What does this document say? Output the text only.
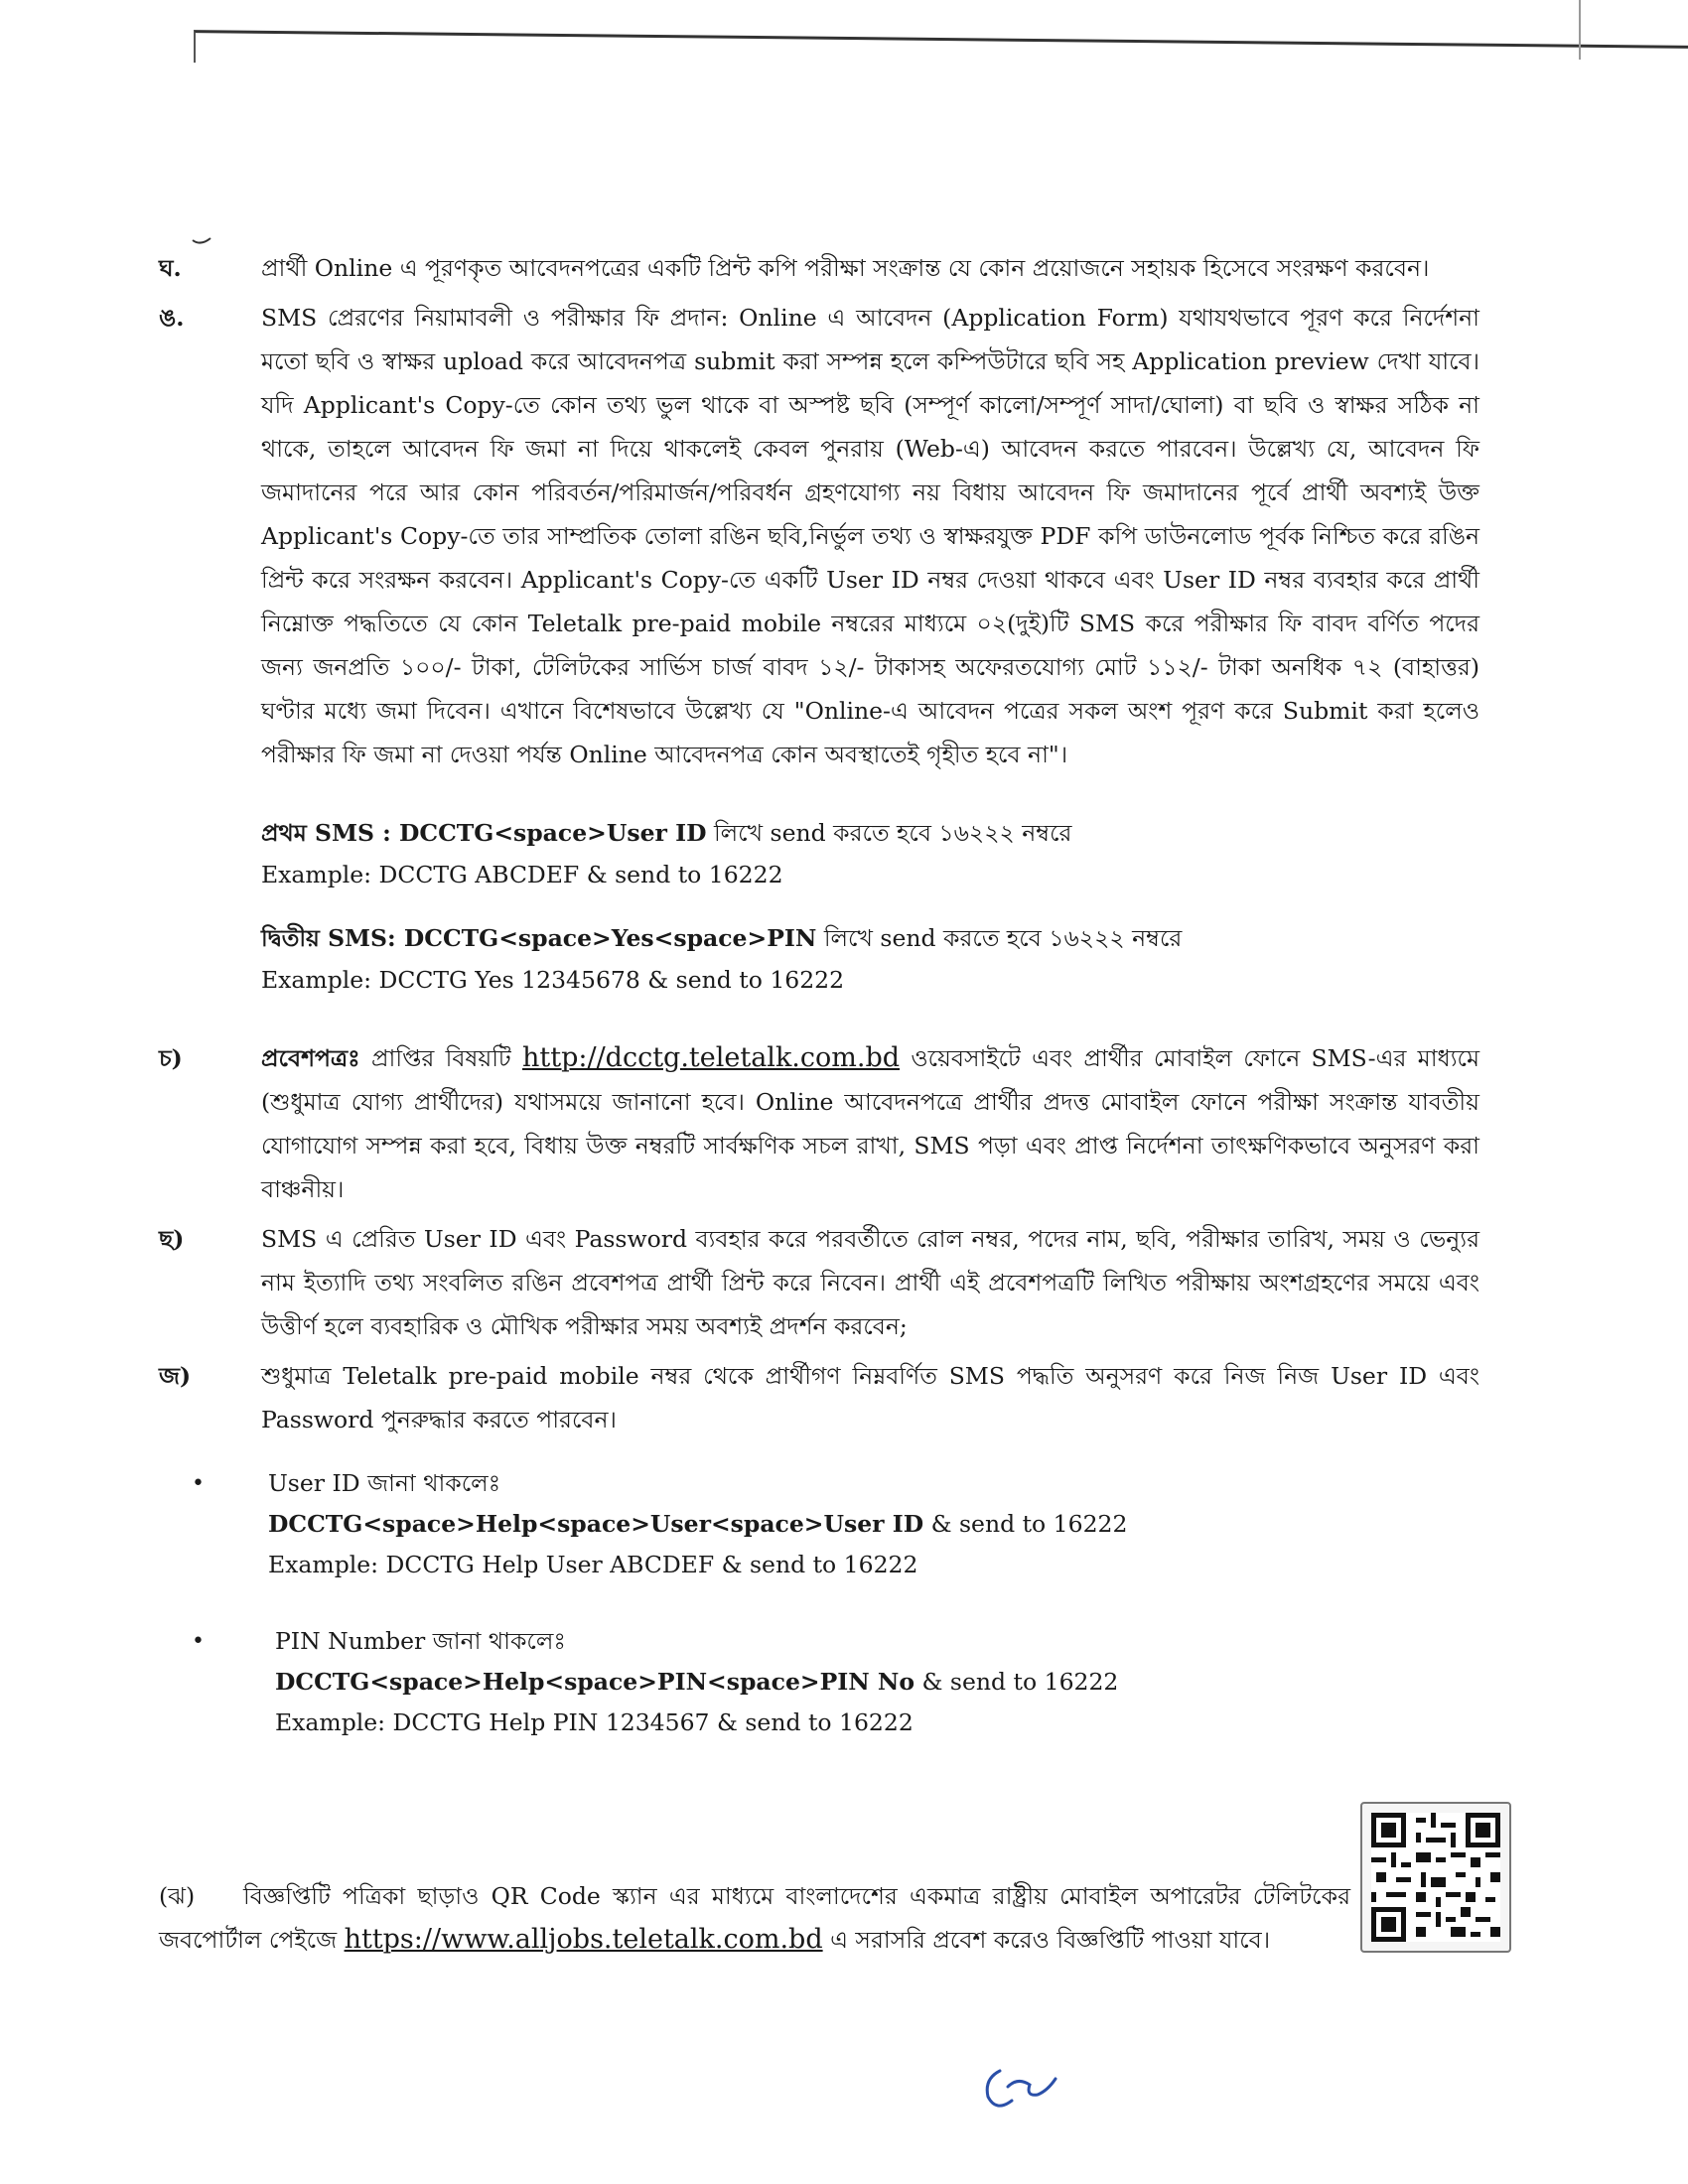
ঘ.	প্রার্থী Online এ পূরণকৃত আবেদনপত্রের একটি প্রিন্ট কপি পরীক্ষা সংক্রান্ত যে কোন প্রয়োজনে সহায়ক হিসেবে সংরক্ষণ করবেন।
ঙ.	SMS প্রেরণের নিয়ামাবলী ও পরীক্ষার ফি প্রদান: Online এ আবেদন (Application Form) যথাযথভাবে পূরণ করে নির্দেশনা মতো ছবি ও স্বাক্ষর upload করে আবেদনপত্র submit করা সম্পন্ন হলে কম্পিউটারে ছবি সহ Application preview দেখা যাবে। যদি Applicant's Copy-তে কোন তথ্য ভুল থাকে বা অস্পষ্ট ছবি (সম্পূর্ণ কালো/সম্পূর্ণ সাদা/ঘোলা) বা ছবি ও স্বাক্ষর সঠিক না থাকে, তাহলে আবেদন ফি জমা না দিয়ে থাকলেই কেবল পুনরায় (Web-এ) আবেদন করতে পারবেন। উল্লেখ্য যে, আবেদন ফি জমাদানের পরে আর কোন পরিবর্তন/পরিমার্জন/পরিবর্ধন গ্রহণযোগ্য নয় বিধায় আবেদন ফি জমাদানের পূর্বে প্রার্থী অবশ্যই উক্ত Applicant's Copy-তে তার সাম্প্রতিক তোলা রঙিন ছবি,নির্ভুল তথ্য ও স্বাক্ষরযুক্ত PDF কপি ডাউনলোড পূর্বক নিশ্চিত করে রঙিন প্রিন্ট করে সংরক্ষন করবেন। Applicant's Copy-তে একটি User ID নম্বর দেওয়া থাকবে এবং User ID নম্বর ব্যবহার করে প্রার্থী নিম্নোক্ত পদ্ধতিতে যে কোন Teletalk pre-paid mobile নম্বরের মাধ্যমে ০২(দুই)টি SMS করে পরীক্ষার ফি বাবদ বর্ণিত পদের জন্য জনপ্রতি ১০০/- টাকা, টেলিটকের সার্ভিস চার্জ বাবদ ১২/- টাকাসহ অফেরতযোগ্য মোট ১১২/- টাকা অনধিক ৭২ (বাহাত্তর) ঘণ্টার মধ্যে জমা দিবেন। এখানে বিশেষভাবে উল্লেখ্য যে "Online-এ আবেদন পত্রের সকল অংশ পূরণ করে Submit করা হলেও পরীক্ষার ফি জমা না দেওয়া পর্যন্ত Online আবেদনপত্র কোন অবস্থাতেই গৃহীত হবে না"।
প্রথম SMS : DCCTG<space>User ID লিখে send করতে হবে ১৬২২২ নম্বরে
Example: DCCTG ABCDEF & send to 16222
দ্বিতীয় SMS: DCCTG<space>Yes<space>PIN লিখে send করতে হবে ১৬২২২ নম্বরে
Example: DCCTG Yes 12345678 & send to 16222
চ)	প্রবেশপত্রঃ প্রাপ্তির বিষয়টি http://dcctg.teletalk.com.bd ওয়েবসাইটে এবং প্রার্থীর মোবাইল ফোনে SMS-এর মাধ্যমে (শুধুমাত্র যোগ্য প্রার্থীদের) যথাসময়ে জানানো হবে। Online আবেদনপত্রে প্রার্থীর প্রদত্ত মোবাইল ফোনে পরীক্ষা সংক্রান্ত যাবতীয় যোগাযোগ সম্পন্ন করা হবে, বিধায় উক্ত নম্বরটি সার্বক্ষণিক সচল রাখা, SMS পড়া এবং প্রাপ্ত নির্দেশনা তাৎক্ষণিকভাবে অনুসরণ করা বাঞ্চনীয়।
ছ)	SMS এ প্রেরিত User ID এবং Password ব্যবহার করে পরবর্তীতে রোল নম্বর, পদের নাম, ছবি, পরীক্ষার তারিখ, সময় ও ভেন্যুর নাম ইত্যাদি তথ্য সংবলিত রঙিন প্রবেশপত্র প্রার্থী প্রিন্ট করে নিবেন। প্রার্থী এই প্রবেশপত্রটি লিখিত পরীক্ষায় অংশগ্রহণের সময়ে এবং উত্তীর্ণ হলে ব্যবহারিক ও মৌখিক পরীক্ষার সময় অবশ্যই প্রদর্শন করবেন;
জ)	শুধুমাত্র Teletalk pre-paid mobile নম্বর থেকে প্রার্থীগণ নিম্নবর্ণিত SMS পদ্ধতি অনুসরণ করে নিজ নিজ User ID এবং Password পুনরুদ্ধার করতে পারবেন।
•	User ID জানা থাকলেঃ
DCCTG<space>Help<space>User<space>User ID & send to 16222
Example: DCCTG Help User ABCDEF & send to 16222
•	PIN Number জানা থাকলেঃ
DCCTG<space>Help<space>PIN<space>PIN No & send to 16222
Example: DCCTG Help PIN 1234567 & send to 16222
(ঝ) বিজ্ঞপ্তিটি পত্রিকা ছাড়াও QR Code স্ক্যান এর মাধ্যমে বাংলাদেশের একমাত্র রাষ্ট্রীয় মোবাইল অপারেটর টেলিটকের জবপোর্টাল পেইজে https://www.alljobs.teletalk.com.bd এ সরাসরি প্রবেশ করেও বিজ্ঞপ্তিটি পাওয়া যাবে।
